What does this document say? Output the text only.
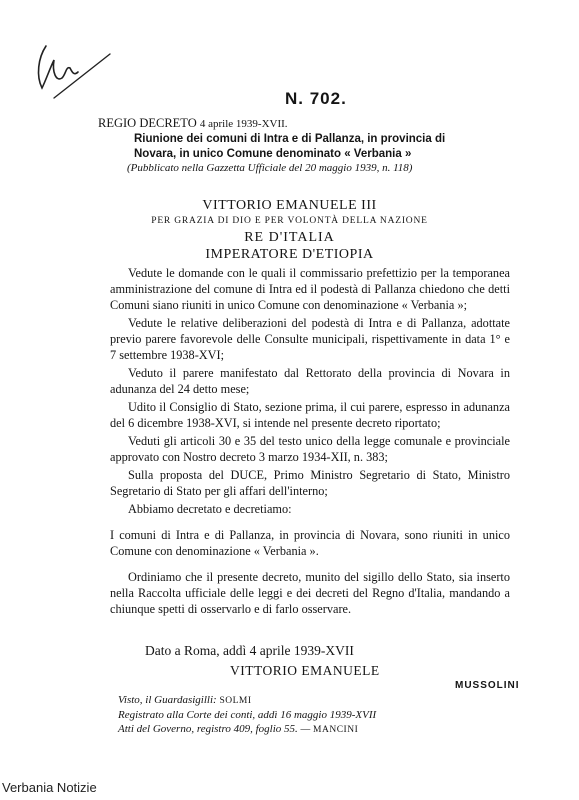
N. 702.
REGIO DECRETO 4 aprile 1939-XVII.
Riunione dei comuni di Intra e di Pallanza, in provincia di
Novara, in unico Comune denominato « Verbania »
(Pubblicato nella Gazzetta Ufficiale del 20 maggio 1939, n. 118)
VITTORIO EMANUELE III
PER GRAZIA DI DIO E PER VOLONTÀ DELLA NAZIONE
RE D'ITALIA
IMPERATORE D'ETIOPIA

Vedute le domande con le quali il commissario prefettizio per la temporanea amministrazione del comune di Intra ed il podestà di Pallanza chiedono che detti Comuni siano riuniti in unico Comune con denominazione « Verbania »;

Vedute le relative deliberazioni del podestà di Intra e di Pallanza, adottate previo parere favorevole delle Consulte municipali, rispettivamente in data 1° e 7 settembre 1938-XVI;

Veduto il parere manifestato dal Rettorato della provincia di Novara in adunanza del 24 detto mese;

Udito il Consiglio di Stato, sezione prima, il cui parere, espresso in adunanza del 6 dicembre 1938-XVI, si intende nel presente decreto riportato;

Veduti gli articoli 30 e 35 del testo unico della legge comunale e provinciale approvato con Nostro decreto 3 marzo 1934-XII, n. 383;

Sulla proposta del DUCE, Primo Ministro Segretario di Stato, Ministro Segretario di Stato per gli affari dell'interno;

Abbiamo decretato e decretiamo:

I comuni di Intra e di Pallanza, in provincia di Novara, sono riuniti in unico Comune con denominazione « Verbania ».

Ordiniamo che il presente decreto, munito del sigillo dello Stato, sia inserto nella Raccolta ufficiale delle leggi e dei decreti del Regno d'Italia, mandando a chiunque spetti di osservarlo e di farlo osservare.

Dato a Roma, addì 4 aprile 1939-XVII
VITTORIO EMANUELE
MUSSOLINI
Visto, il Guardasigilli: SOLMI
Registrato alla Corte dei conti, addì 16 maggio 1939-XVII
Atti del Governo, registro 409, foglio 55. — MANCINI
Verbania Notizie
